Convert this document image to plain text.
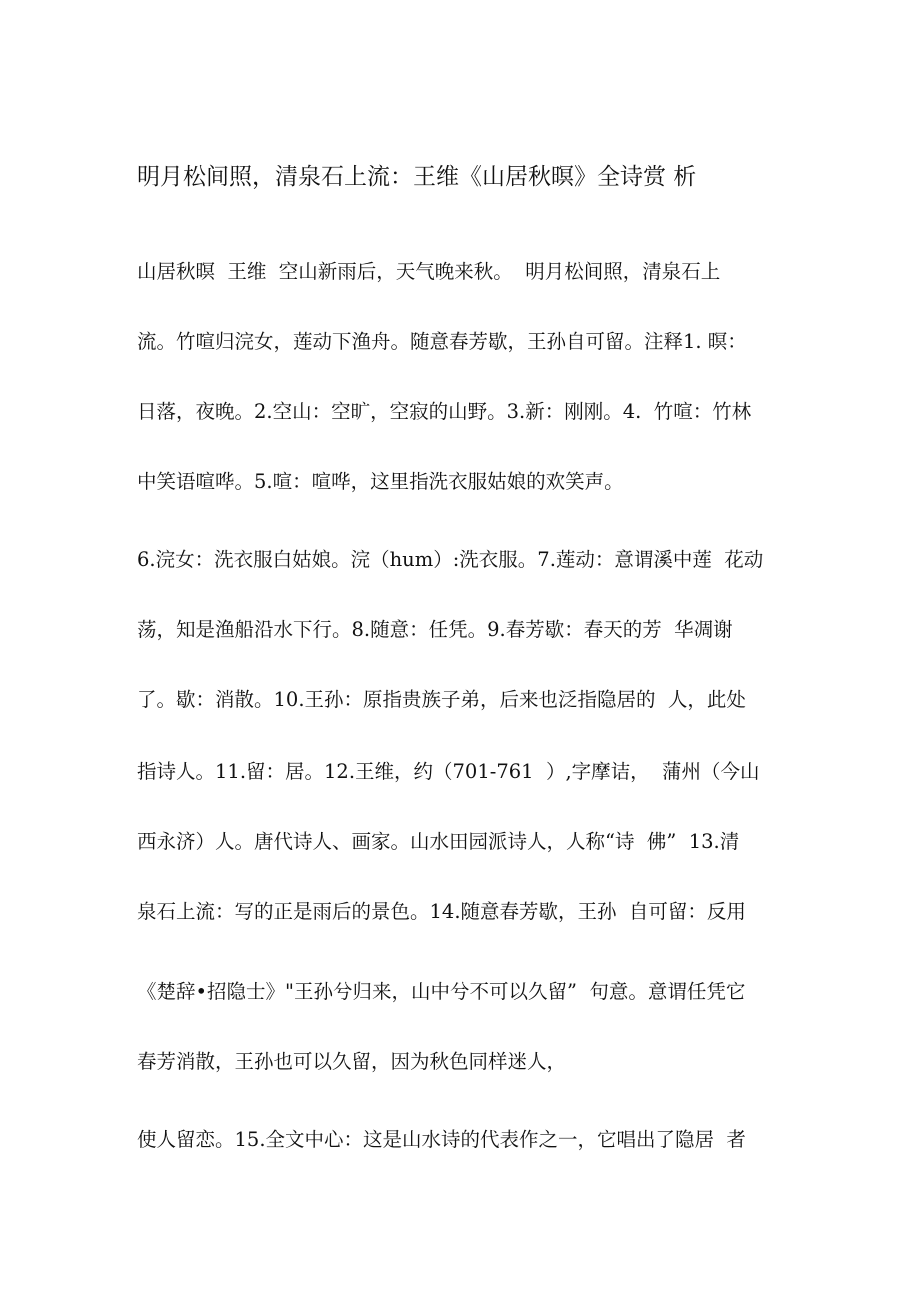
明月松间照，清泉石上流：王维《山居秋暝》全诗赏 析
山居秋暝  王维  空山新雨后，天气晚来秋。  明月松间照，清泉石上
流。竹喧归浣女，莲动下渔舟。随意春芳歇，王孙自可留。注释1. 暝：
日落，夜晚。2.空山：空旷，空寂的山野。3.新：刚刚。4.  竹喧：竹林
中笑语喧哗。5.喧：喧哗，这里指洗衣服姑娘的欢笑声。
6.浣女：洗衣服白姑娘。浣（hum）:洗衣服。7.莲动：意谓溪中莲  花动
荡，知是渔船沿水下行。8.随意：任凭。9.春芳歇：春天的芳  华凋谢
了。歇：消散。10.王孙：原指贵族子弟，后来也泛指隐居的  人，此处
指诗人。11.留：居。12.王维，约（701-761  ）,字摩诘，  蒲州（今山
西永济）人。唐代诗人、画家。山水田园派诗人，人称“诗  佛”  13.清
泉石上流：写的正是雨后的景色。14.随意春芳歇，王孙  自可留：反用
《楚辞•招隐士》"王孙兮归来，山中兮不可以久留”  句意。意谓任凭它
春芳消散，王孙也可以久留，因为秋色同样迷人，
使人留恋。15.全文中心：这是山水诗的代表作之一，它唱出了隐居  者
